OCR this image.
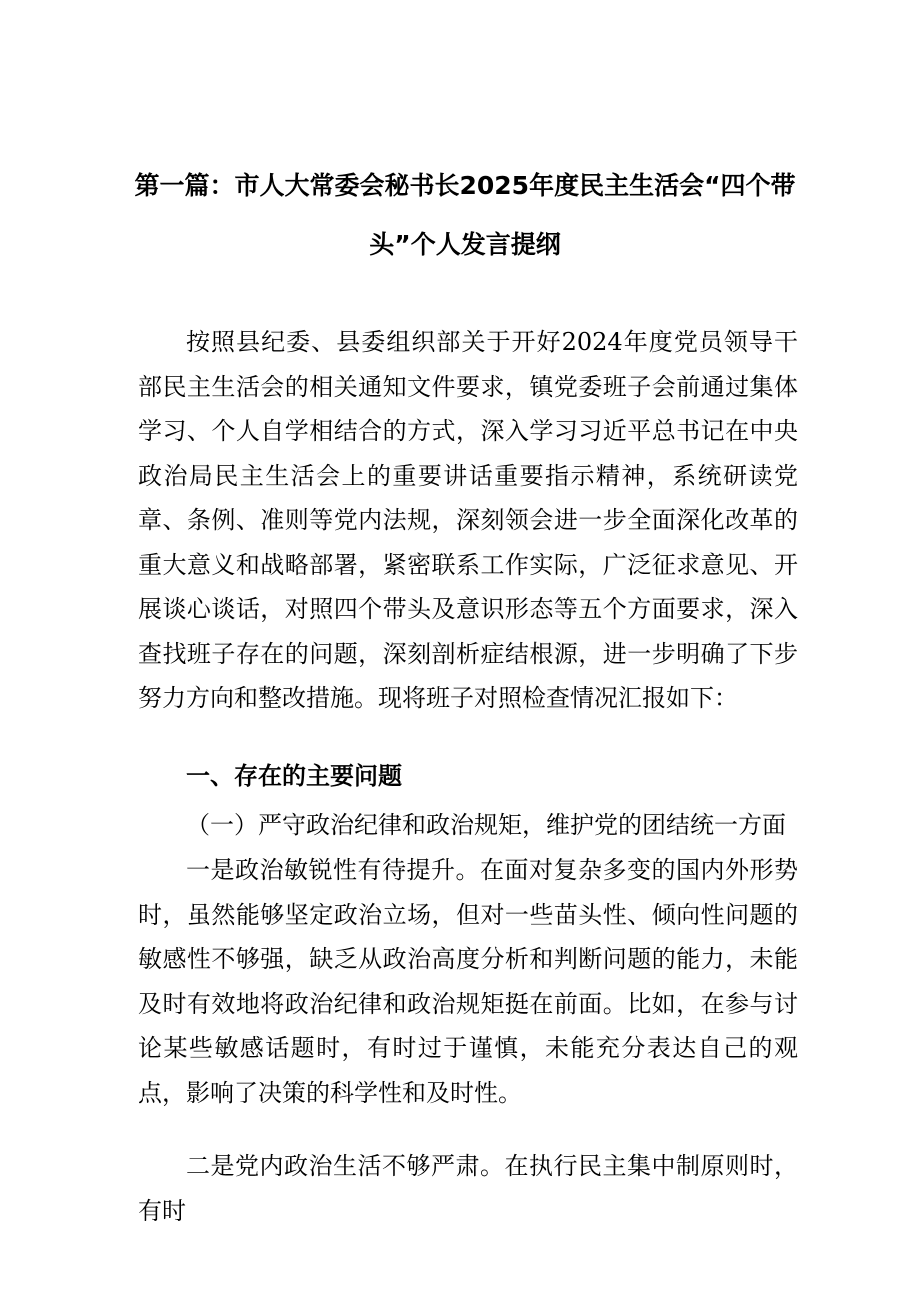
第一篇：市人大常委会秘书长2025年度民主生活会“四个带
头”个人发言提纲
按照县纪委、县委组织部关于开好2024年度党员领导干部民主生活会的相关通知文件要求，镇党委班子会前通过集体学习、个人自学相结合的方式，深入学习习近平总书记在中央政治局民主生活会上的重要讲话重要指示精神，系统研读党章、条例、准则等党内法规，深刻领会进一步全面深化改革的重大意义和战略部署，紧密联系工作实际，广泛征求意见、开展谈心谈话，对照四个带头及意识形态等五个方面要求，深入查找班子存在的问题，深刻剖析症结根源，进一步明确了下步努力方向和整改措施。现将班子对照检查情况汇报如下：
一、存在的主要问题
（一）严守政治纪律和政治规矩，维护党的团结统一方面
一是政治敏锐性有待提升。在面对复杂多变的国内外形势时，虽然能够坚定政治立场，但对一些苗头性、倾向性问题的敏感性不够强，缺乏从政治高度分析和判断问题的能力，未能及时有效地将政治纪律和政治规矩挺在前面。比如，在参与讨论某些敏感话题时，有时过于谨慎，未能充分表达自己的观点，影响了决策的科学性和及时性。
二是党内政治生活不够严肃。在执行民主集中制原则时，有时
